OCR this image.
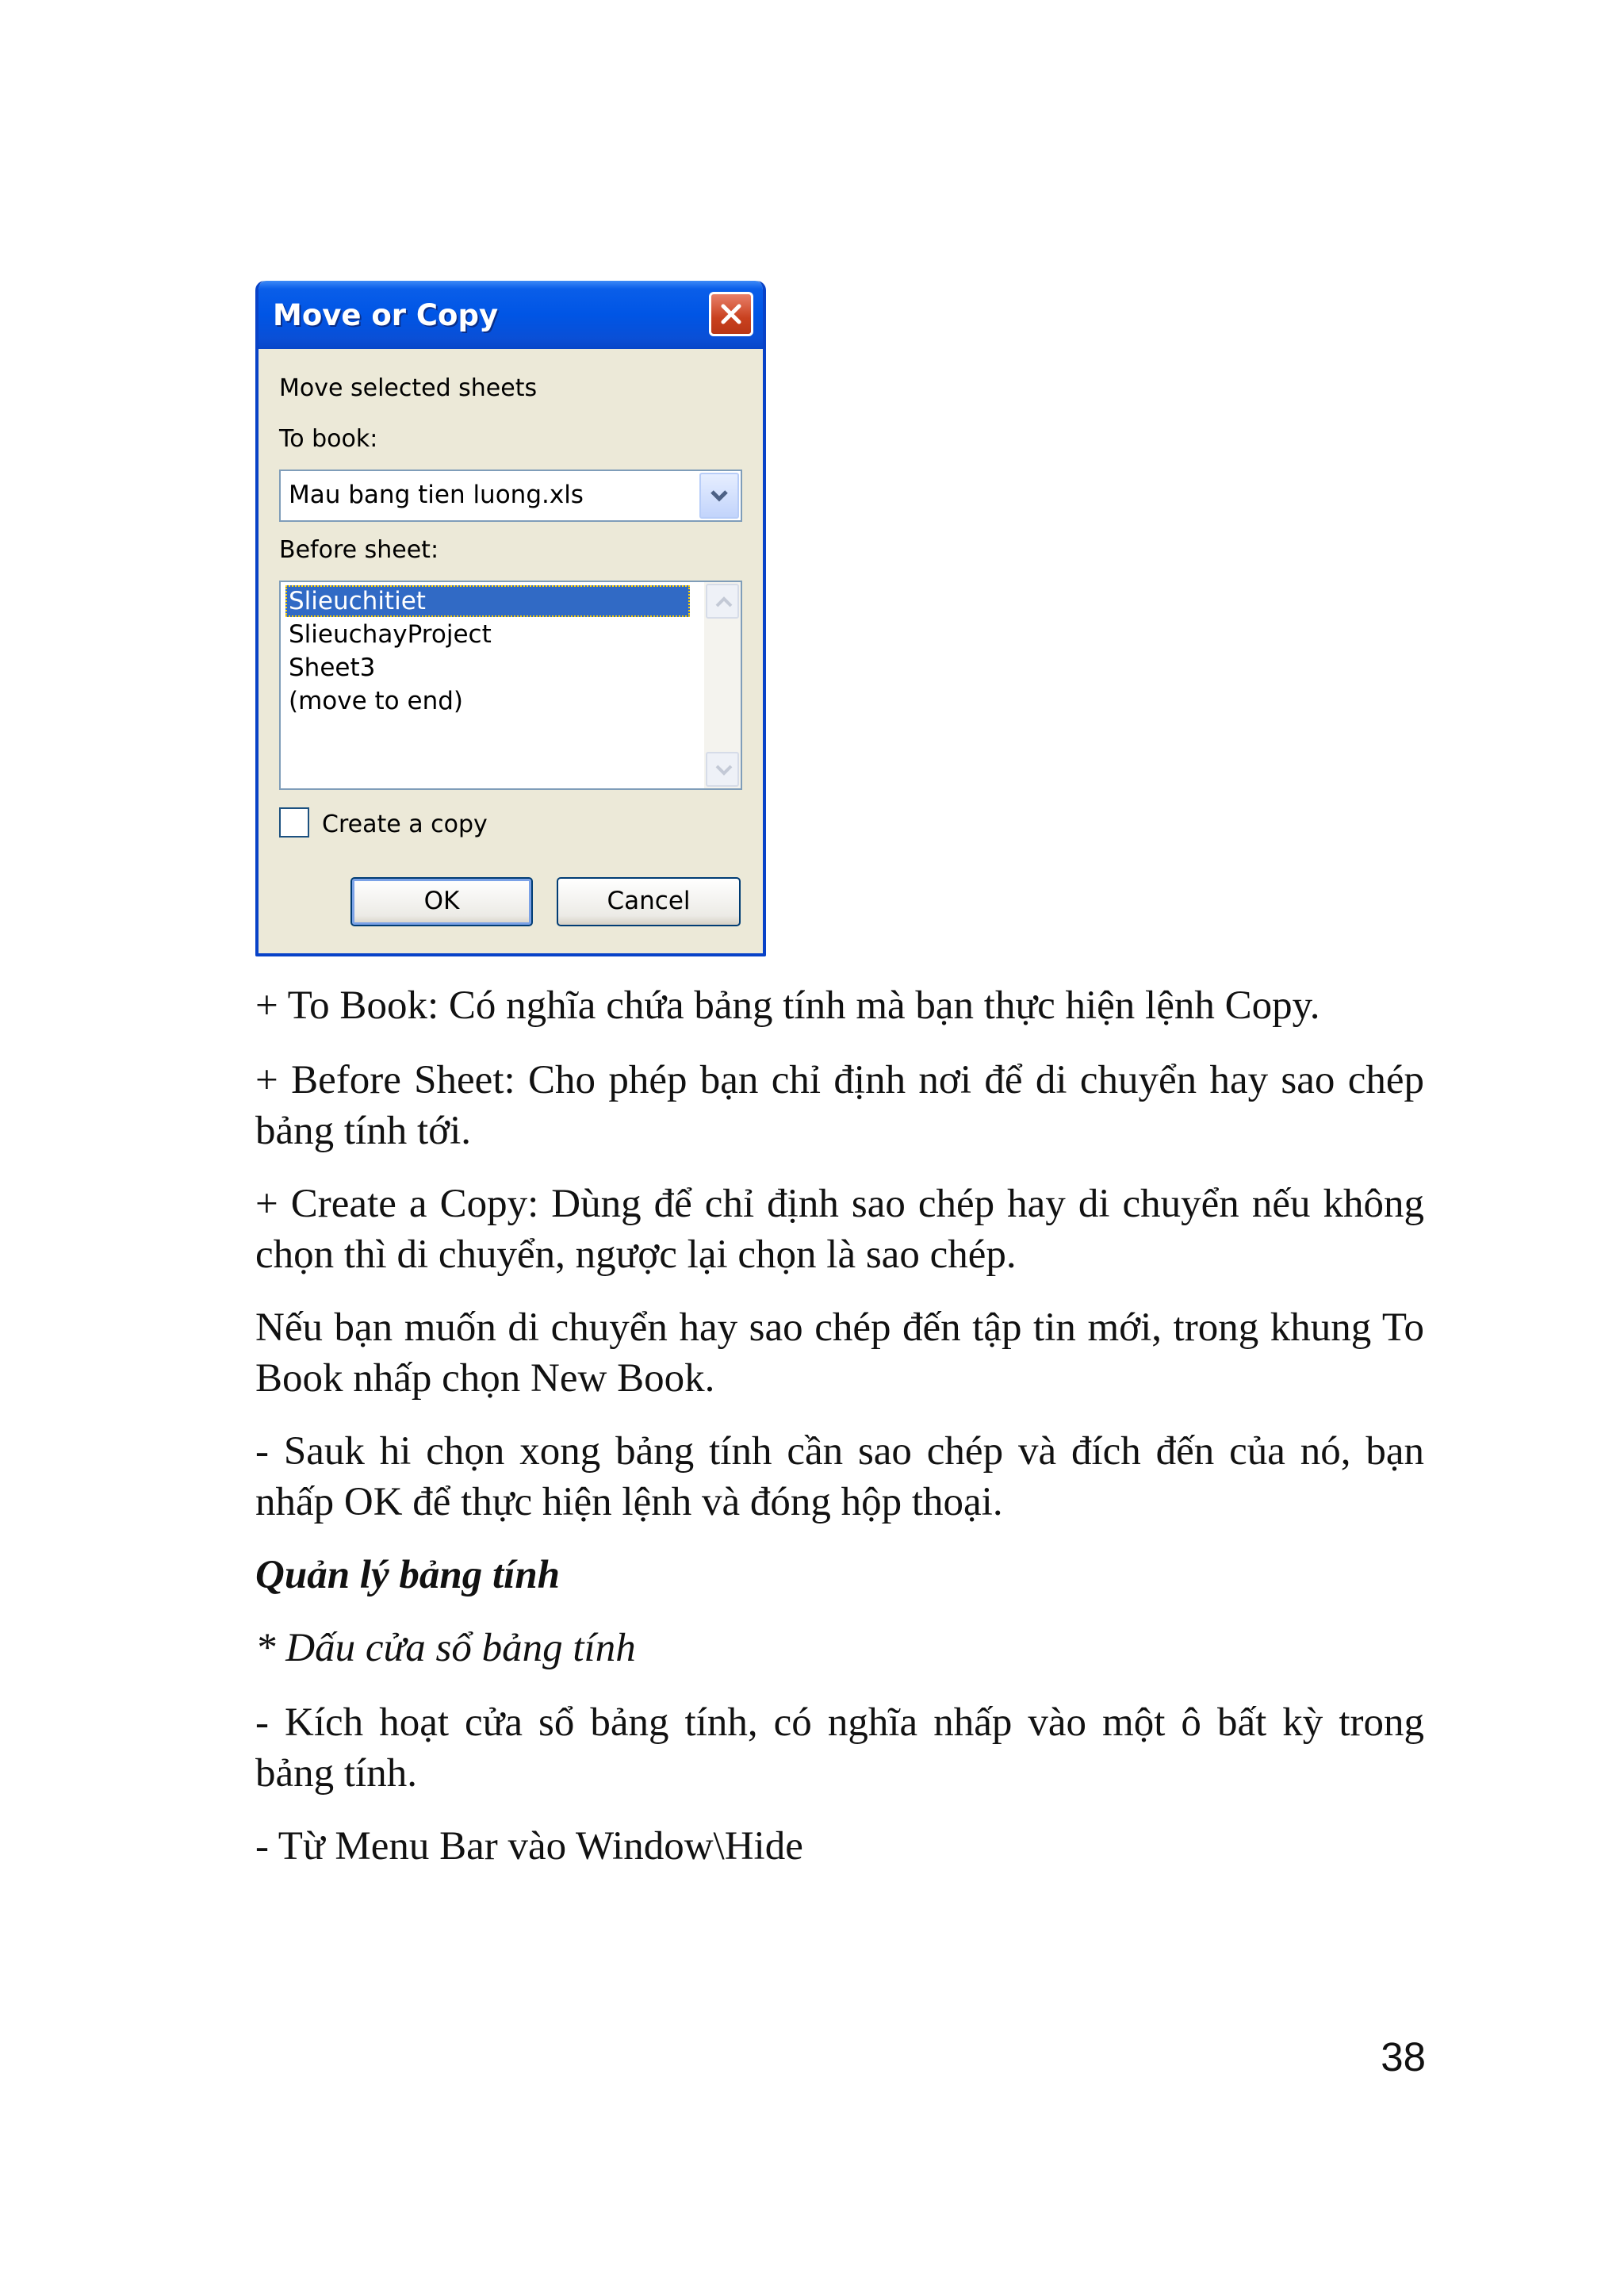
Move or Copy
Move selected sheets
To book:
Mau bang tien luong.xls
Before sheet:
Slieuchitiet
SlieuchayProject
Sheet3
(move to end)
Create a copy
OK	Cancel

+ To Book: Có nghĩa chứa bảng tính mà bạn thực hiện lệnh Copy.

+ Before Sheet: Cho phép bạn chỉ định nơi để di chuyển hay sao chép bảng tính tới.

+ Create a Copy: Dùng để chỉ định sao chép hay di chuyển nếu không chọn thì di chuyển, ngược lại chọn là sao chép.

Nếu bạn muốn di chuyển hay sao chép đến tập tin mới, trong khung To Book nhấp chọn New Book.

- Sauk hi chọn xong bảng tính cần sao chép và đích đến của nó, bạn nhấp OK để thực hiện lệnh và đóng hộp thoại.

Quản lý bảng tính

* Dấu cửa sổ bảng tính

- Kích hoạt cửa sổ bảng tính, có nghĩa nhấp vào một ô bất kỳ trong bảng tính.

- Từ Menu Bar vào Window\Hide

38
